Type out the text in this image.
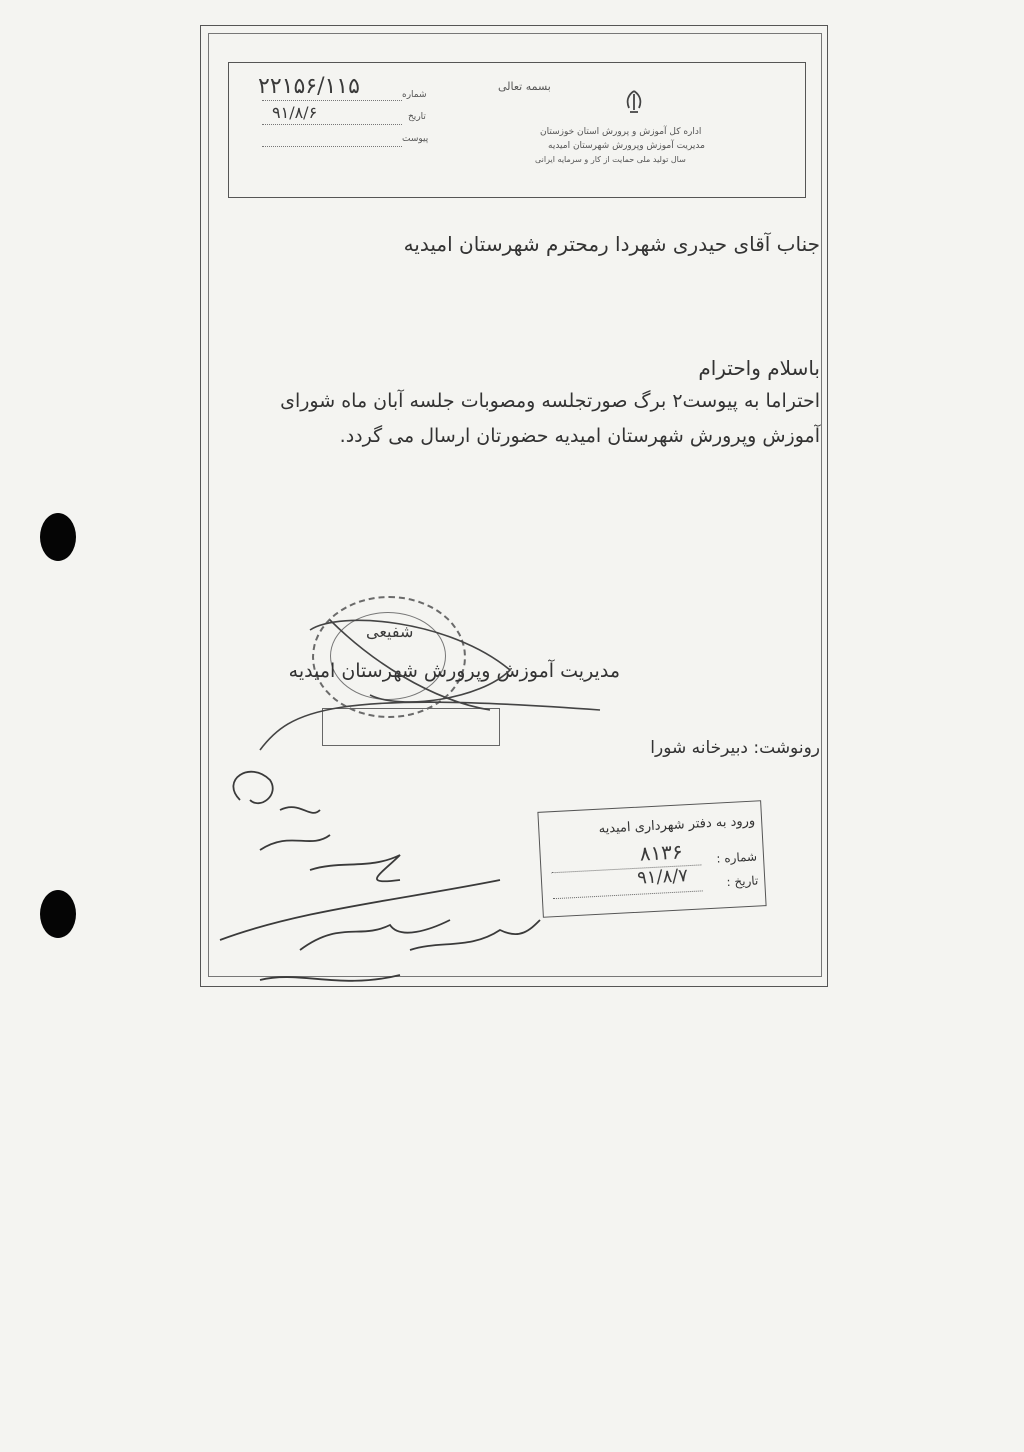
بسمه تعالی
اداره کل آموزش و پرورش استان خوزستان
مدیریت آموزش وپرورش شهرستان امیدیه
سال تولید ملی حمایت از کار و سرمایه ایرانی
شماره
۲۲۱۵۶/۱۱۵
تاریخ
۹۱/۸/۶
پیوست
جناب آقای حیدری شهردا رمحترم شهرستان امیدیه
باسلام واحترام
احتراما به پیوست۲ برگ صورتجلسه ومصوبات جلسه آبان ماه شورای
آموزش وپرورش شهرستان امیدیه حضورتان ارسال می گردد.
شفیعی
مدیریت آموزش وپرورش شهرستان امیدیه
رونوشت: دبیرخانه شورا
ورود به دفتر شهرداری امیدیه
شماره :
۸۱۳۶
تاریخ :
۹۱/۸/۷
